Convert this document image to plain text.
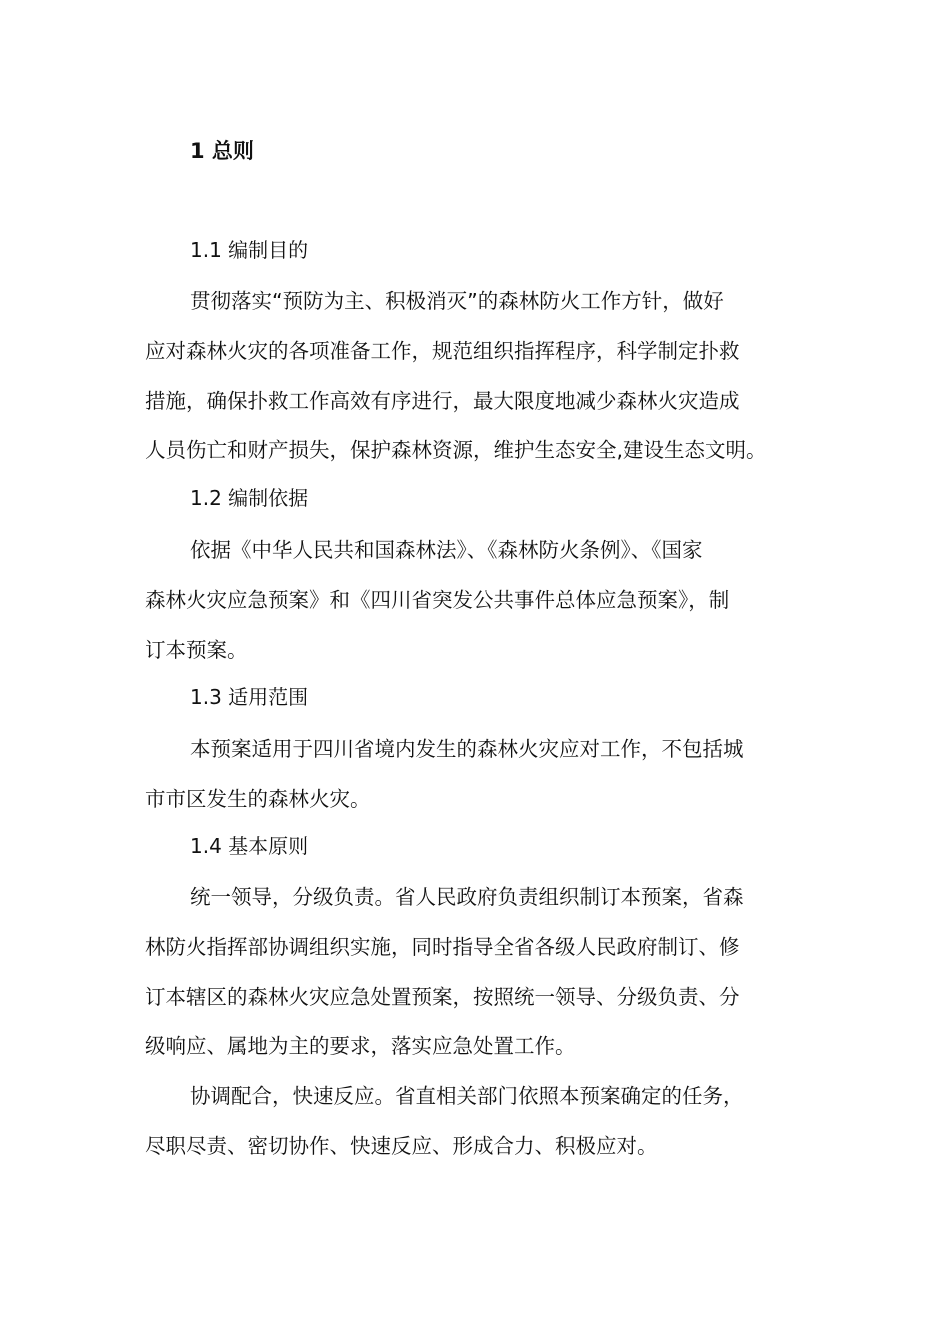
1 总则
1.1 编制目的
贯彻落实“预防为主、积极消灭”的森林防火工作方针，做好
应对森林火灾的各项准备工作，规范组织指挥程序，科学制定扑救
措施，确保扑救工作高效有序进行，最大限度地减少森林火灾造成
人员伤亡和财产损失，保护森林资源，维护生态安全,建设生态文明。
1.2 编制依据
依据《中华人民共和国森林法》、《森林防火条例》、《国家
森林火灾应急预案》和《四川省突发公共事件总体应急预案》，制
订本预案。
1.3 适用范围
本预案适用于四川省境内发生的森林火灾应对工作，不包括城
市市区发生的森林火灾。
1.4 基本原则
统一领导，分级负责。省人民政府负责组织制订本预案，省森
林防火指挥部协调组织实施，同时指导全省各级人民政府制订、修
订本辖区的森林火灾应急处置预案，按照统一领导、分级负责、分
级响应、属地为主的要求，落实应急处置工作。
协调配合，快速反应。省直相关部门依照本预案确定的任务，
尽职尽责、密切协作、快速反应、形成合力、积极应对。
